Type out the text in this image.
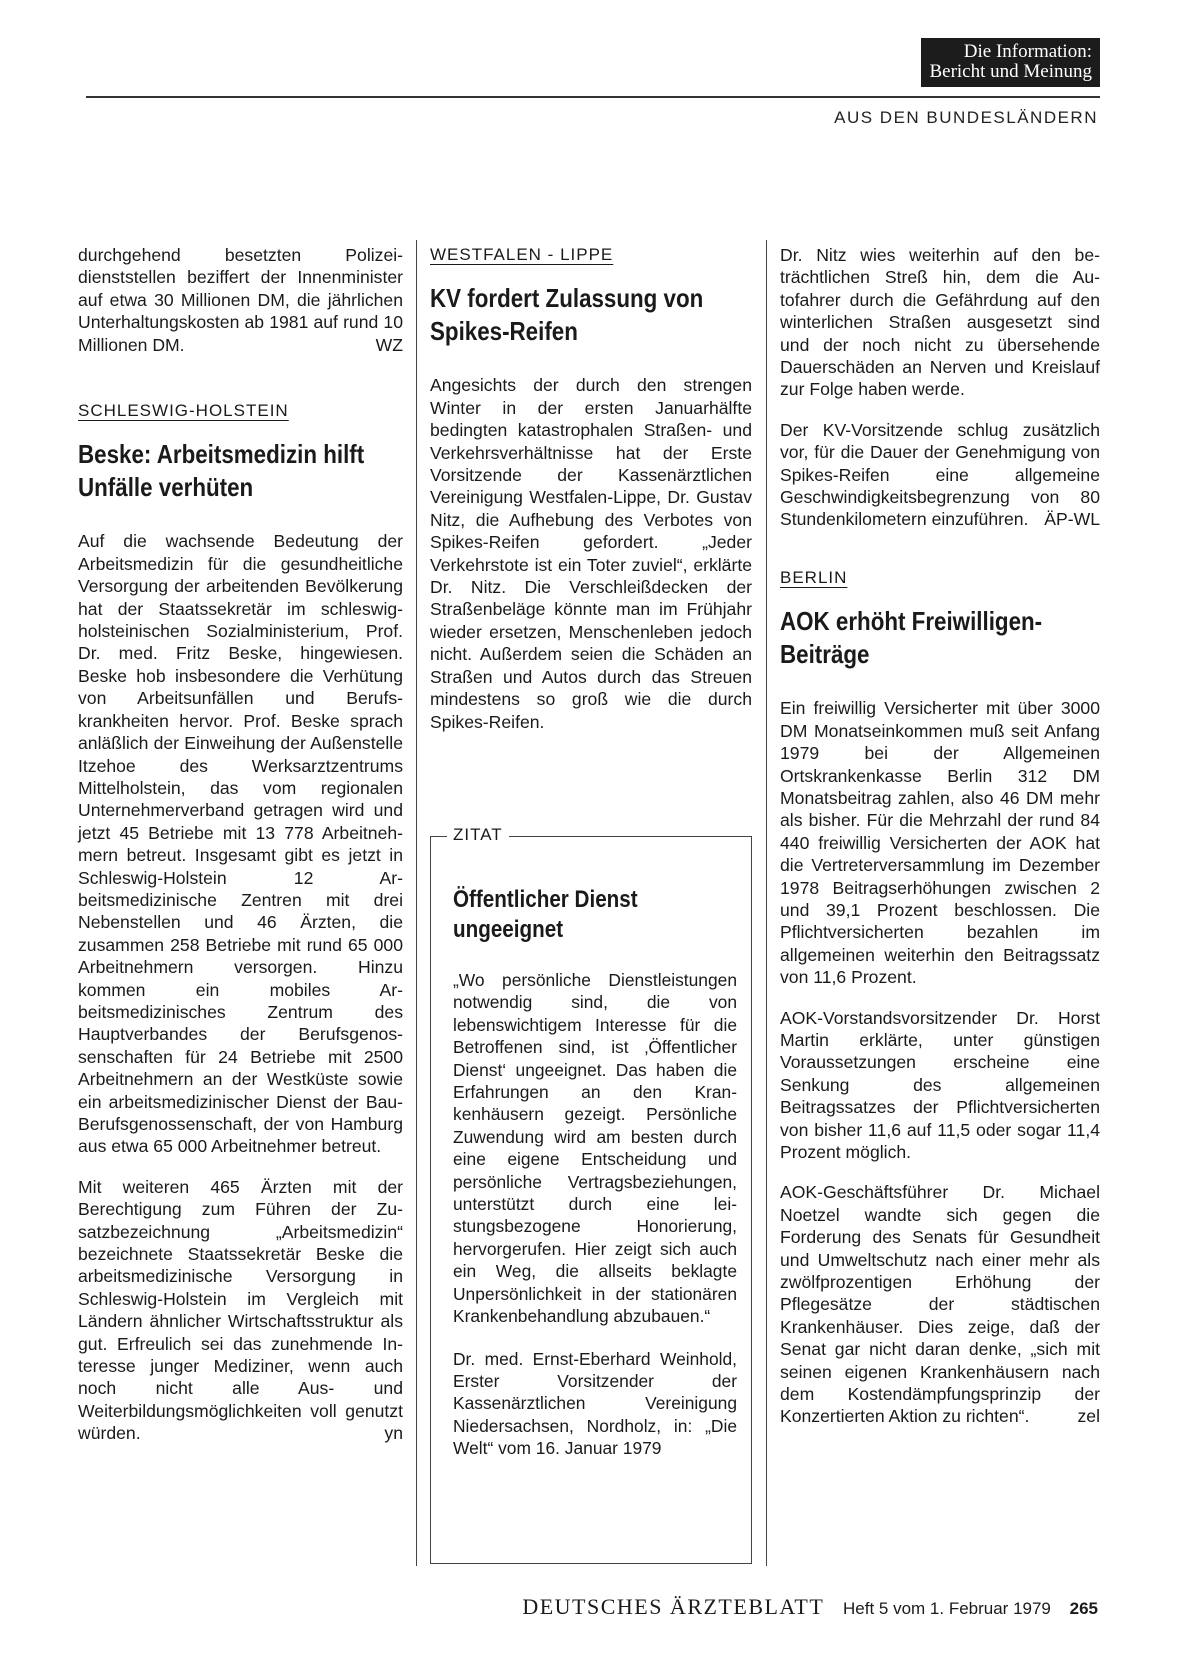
Die Information:
Bericht und Meinung
AUS DEN BUNDESLÄNDERN

durchgehend besetzten Polizeidienststellen beziffert der Innenminister auf etwa 30 Millionen DM, die jährlichen Unterhaltungskosten ab 1981 auf rund 10 Millionen DM.	WZ

SCHLESWIG-HOLSTEIN
Beske: Arbeitsmedizin hilft Unfälle verhüten

Auf die wachsende Bedeutung der Arbeitsmedizin für die gesundheitliche Versorgung der arbeitenden Bevölkerung hat der Staatssekretär im schleswig-holsteinischen Sozialministerium, Prof. Dr. med. Fritz Beske, hingewiesen. Beske hob insbesondere die Verhütung von Arbeitsunfällen und Berufskrankheiten hervor. Prof. Beske sprach anläßlich der Einweihung der Außenstelle Itzehoe des Werksarztzentrums Mittelholstein, das vom regionalen Unternehmerverband getragen wird und jetzt 45 Betriebe mit 13 778 Arbeitnehmern betreut. Insgesamt gibt es jetzt in Schleswig-Holstein 12 Arbeitsmedizinische Zentren mit drei Nebenstellen und 46 Ärzten, die zusammen 258 Betriebe mit rund 65 000 Arbeitnehmern versorgen. Hinzu kommen ein mobiles Arbeitsmedizinisches Zentrum des Hauptverbandes der Berufsgenossenschaften für 24 Betriebe mit 2500 Arbeitnehmern an der Westküste sowie ein arbeitsmedizinischer Dienst der Bau-Berufsgenossenschaft, der von Hamburg aus etwa 65 000 Arbeitnehmer betreut.

Mit weiteren 465 Ärzten mit der Berechtigung zum Führen der Zusatzbezeichnung „Arbeitsmedizin“ bezeichnete Staatssekretär Beske die arbeitsmedizinische Versorgung in Schleswig-Holstein im Vergleich mit Ländern ähnlicher Wirtschaftsstruktur als gut. Erfreulich sei das zunehmende Interesse junger Mediziner, wenn auch noch nicht alle Aus- und Weiterbildungsmöglichkeiten voll genutzt würden.	yn

WESTFALEN - LIPPE
KV fordert Zulassung von Spikes-Reifen

Angesichts der durch den strengen Winter in der ersten Januarhälfte bedingten katastrophalen Straßen- und Verkehrsverhältnisse hat der Erste Vorsitzende der Kassenärztlichen Vereinigung Westfalen-Lippe, Dr. Gustav Nitz, die Aufhebung des Verbotes von Spikes-Reifen gefordert. „Jeder Verkehrstote ist ein Toter zuviel“, erklärte Dr. Nitz. Die Verschleißdecken der Straßenbeläge könnte man im Frühjahr wieder ersetzen, Menschenleben jedoch nicht. Außerdem seien die Schäden an Straßen und Autos durch das Streuen mindestens so groß wie die durch Spikes-Reifen.

ZITAT
Öffentlicher Dienst ungeeignet

„Wo persönliche Dienstleistungen notwendig sind, die von lebenswichtigem Interesse für die Betroffenen sind, ist ‚Öffentlicher Dienst‘ ungeeignet. Das haben die Erfahrungen an den Krankenhäusern gezeigt. Persönliche Zuwendung wird am besten durch eine eigene Entscheidung und persönliche Vertragsbeziehungen, unterstützt durch eine leistungsbezogene Honorierung, hervorgerufen. Hier zeigt sich auch ein Weg, die allseits beklagte Unpersönlichkeit in der stationären Krankenbehandlung abzubauen.“

Dr. med. Ernst-Eberhard Weinhold, Erster Vorsitzender der Kassenärztlichen Vereinigung Niedersachsen, Nordholz, in: „Die Welt“ vom 16. Januar 1979

Dr. Nitz wies weiterhin auf den beträchtlichen Streß hin, dem die Autofahrer durch die Gefährdung auf den winterlichen Straßen ausgesetzt sind und der noch nicht zu übersehende Dauerschäden an Nerven und Kreislauf zur Folge haben werde.

Der KV-Vorsitzende schlug zusätzlich vor, für die Dauer der Genehmigung von Spikes-Reifen eine allgemeine Geschwindigkeitsbegrenzung von 80 Stundenkilometern einzuführen. ÄP-WL

BERLIN
AOK erhöht Freiwilligen-Beiträge

Ein freiwillig Versicherter mit über 3000 DM Monatseinkommen muß seit Anfang 1979 bei der Allgemeinen Ortskrankenkasse Berlin 312 DM Monatsbeitrag zahlen, also 46 DM mehr als bisher. Für die Mehrzahl der rund 84 440 freiwillig Versicherten der AOK hat die Vertreterversammlung im Dezember 1978 Beitragserhöhungen zwischen 2 und 39,1 Prozent beschlossen. Die Pflichtversicherten bezahlen im allgemeinen weiterhin den Beitragssatz von 11,6 Prozent.

AOK-Vorstandsvorsitzender Dr. Horst Martin erklärte, unter günstigen Voraussetzungen erscheine eine Senkung des allgemeinen Beitragssatzes der Pflichtversicherten von bisher 11,6 auf 11,5 oder sogar 11,4 Prozent möglich.

AOK-Geschäftsführer Dr. Michael Noetzel wandte sich gegen die Forderung des Senats für Gesundheit und Umweltschutz nach einer mehr als zwölfprozentigen Erhöhung der Pflegesätze der städtischen Krankenhäuser. Dies zeige, daß der Senat gar nicht daran denke, „sich mit seinen eigenen Krankenhäusern nach dem Kostendämpfungsprinzip der Konzertierten Aktion zu richten“.	zel

DEUTSCHES ÄRZTEBLATT Heft 5 vom 1. Februar 1979 265
